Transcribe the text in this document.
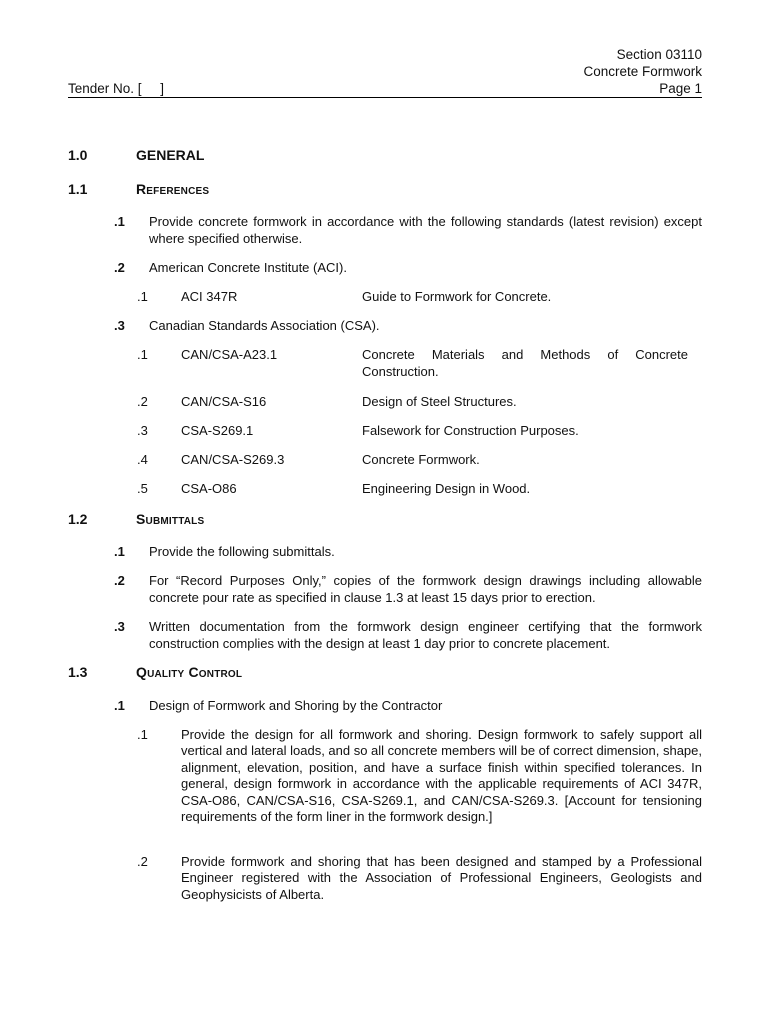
Section 03110
Concrete Formwork
Page 1
Tender No. [     ]
1.0	GENERAL
1.1	References
.1 Provide concrete formwork in accordance with the following standards (latest revision) except where specified otherwise.
.2 American Concrete Institute (ACI).
.1	ACI 347R	Guide to Formwork for Concrete.
.3 Canadian Standards Association (CSA).
.1	CAN/CSA-A23.1	Concrete Materials and Methods of Concrete Construction.
.2	CAN/CSA-S16	Design of Steel Structures.
.3	CSA-S269.1	Falsework for Construction Purposes.
.4	CAN/CSA-S269.3	Concrete Formwork.
.5	CSA-O86	Engineering Design in Wood.
1.2	Submittals
.1 Provide the following submittals.
.2 For “Record Purposes Only,” copies of the formwork design drawings including allowable concrete pour rate as specified in clause 1.3 at least 15 days prior to erection.
.3 Written documentation from the formwork design engineer certifying that the formwork construction complies with the design at least 1 day prior to concrete placement.
1.3	Quality Control
.1 Design of Formwork and Shoring by the Contractor
.1	Provide the design for all formwork and shoring. Design formwork to safely support all vertical and lateral loads, and so all concrete members will be of correct dimension, shape, alignment, elevation, position, and have a surface finish within specified tolerances. In general, design formwork in accordance with the applicable requirements of ACI 347R, CSA-O86, CAN/CSA-S16, CSA-S269.1, and CAN/CSA-S269.3. [Account for tensioning requirements of the form liner in the formwork design.]
.2	Provide formwork and shoring that has been designed and stamped by a Professional Engineer registered with the Association of Professional Engineers, Geologists and Geophysicists of Alberta.
